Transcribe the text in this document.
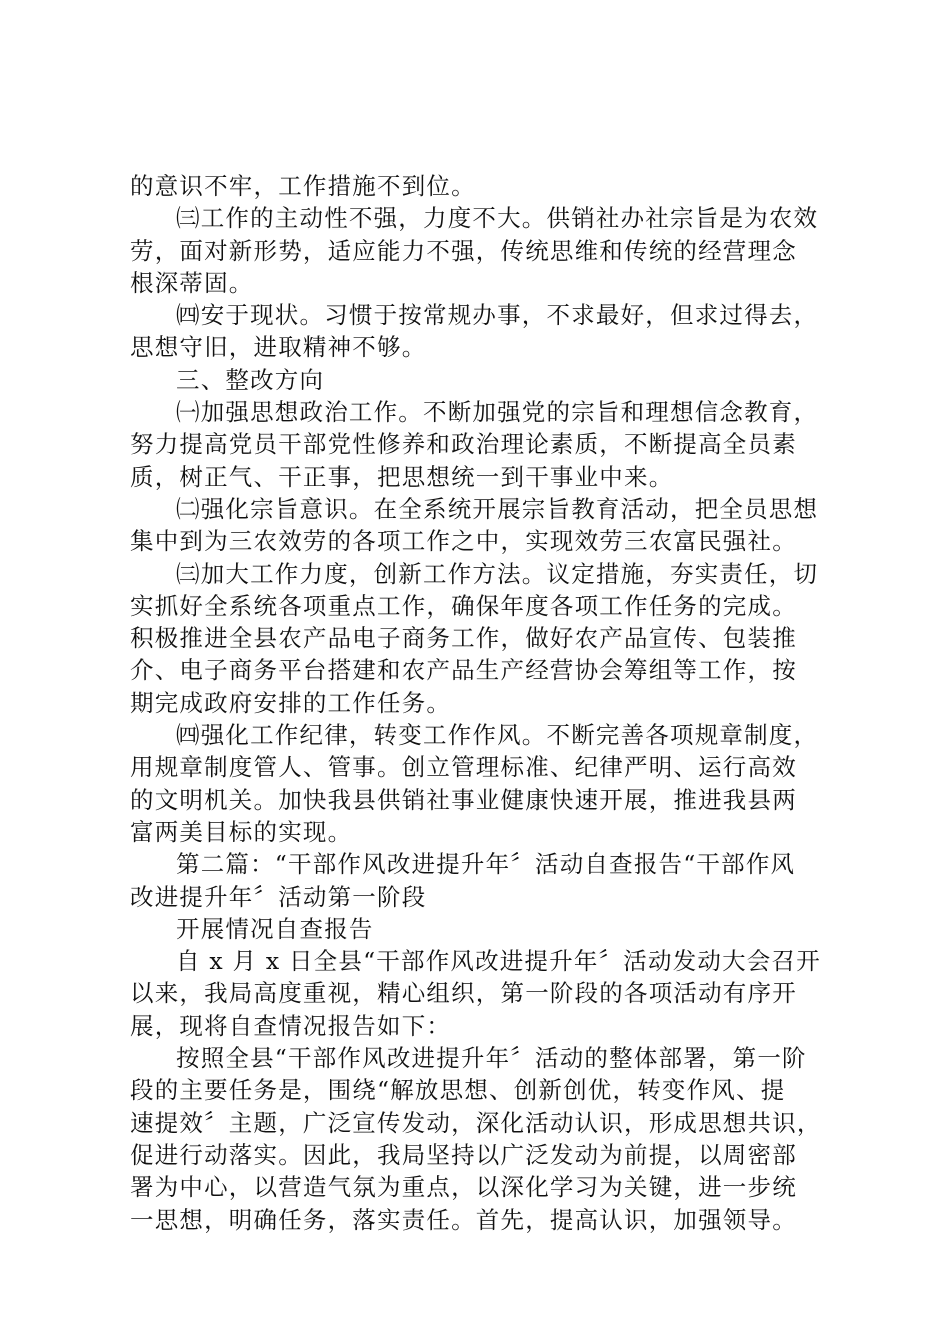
的意识不牢，工作措施不到位。
㈢工作的主动性不强，力度不大。供销社办社宗旨是为农效
劳，面对新形势，适应能力不强，传统思维和传统的经营理念
根深蒂固。
㈣安于现状。习惯于按常规办事，不求最好，但求过得去，
思想守旧，进取精神不够。
三、整改方向
㈠加强思想政治工作。不断加强党的宗旨和理想信念教育，
努力提高党员干部党性修养和政治理论素质，不断提高全员素
质，树正气、干正事，把思想统一到干事业中来。
㈡强化宗旨意识。在全系统开展宗旨教育活动，把全员思想
集中到为三农效劳的各项工作之中，实现效劳三农富民强社。
㈢加大工作力度，创新工作方法。议定措施，夯实责任，切
实抓好全系统各项重点工作，确保年度各项工作任务的完成。
积极推进全县农产品电子商务工作，做好农产品宣传、包装推
介、电子商务平台搭建和农产品生产经营协会筹组等工作，按
期完成政府安排的工作任务。
㈣强化工作纪律，转变工作作风。不断完善各项规章制度，
用规章制度管人、管事。创立管理标准、纪律严明、运行高效
的文明机关。加快我县供销社事业健康快速开展，推进我县两
富两美目标的实现。
第二篇：“干部作风改进提升年〞活动自查报告“干部作风
改进提升年〞活动第一阶段
开展情况自查报告
自 x 月 x 日全县“干部作风改进提升年〞活动发动大会召开
以来，我局高度重视，精心组织，第一阶段的各项活动有序开
展，现将自查情况报告如下：
按照全县“干部作风改进提升年〞活动的整体部署，第一阶
段的主要任务是，围绕“解放思想、创新创优，转变作风、提
速提效〞主题，广泛宣传发动，深化活动认识，形成思想共识，
促进行动落实。因此，我局坚持以广泛发动为前提，以周密部
署为中心，以营造气氛为重点，以深化学习为关键，进一步统
一思想，明确任务，落实责任。首先，提高认识，加强领导。
